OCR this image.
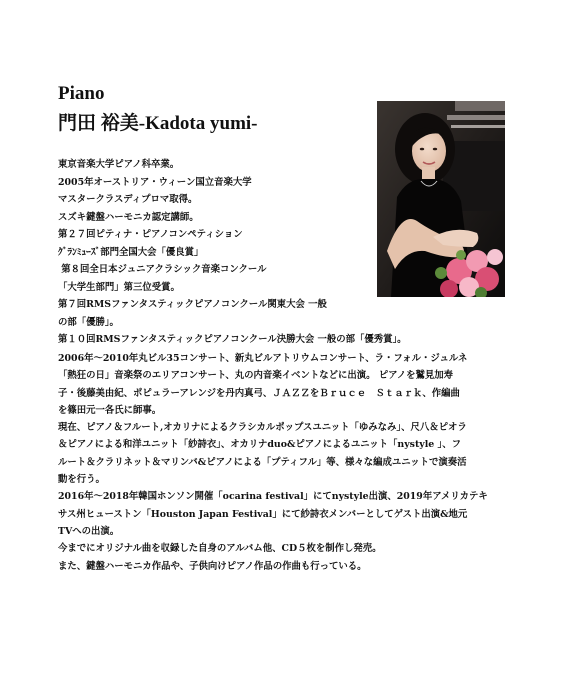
Piano
門田 裕美-Kadota yumi-
東京音楽大学ピアノ科卒業。
2005年オーストリア・ウィーン国立音楽大学
マスタークラスディプロマ取得。
スズキ鍵盤ハーモニカ認定講師。
第２７回ピティナ・ピアノコンペティション
ｸﾞﾗﾝﾐｭｰｽﾞ部門全国大会「優良賞」
第８回全日本ジュニアクラシック音楽コンクール
「大学生部門」第三位受賞。
第７回RMSファンタスティックピアノコンクール関東大会 一般
の部「優勝」。
第１０回RMSファンタスティックピアノコンクール決勝大会 一般の部「優秀賞」。
2006年～2010年丸ビル35コンサート、新丸ビルアトリウムコンサート、ラ・フォル・ジュルネ
「熱狂の日」音楽祭のエリアコンサート、丸の内音楽イベントなどに出演。 ピアノを鷲見加寿
子・後藤美由紀、ポピュラーアレンジを丹内真弓、ＪＡＺＺをＢｒｕｃｅ　Ｓｔａｒｋ、作編曲
を篠田元一各氏に師事。
現在、ピアノ＆フルート,オカリナによるクラシカルポップスユニット「ゆみなみ」、尺八＆ピオラ
＆ピアノによる和洋ユニット「紗詩衣」、オカリナduo&ピアノによるユニット「nystyle 」、フ
ルート＆クラリネット＆マリンバ&ピアノによる「プティフル」等、様々な編成ユニットで演奏活
動を行う。
2016年～2018年韓国ホンソン開催「ocarina festival」にてnystyle出演、2019年アメリカテキ
サス州ヒューストン「Houston Japan Festival」にて紗詩衣メンバーとしてゲスト出演&地元
TVへの出演。
今までにオリジナル曲を収録した自身のアルバム他、CD５枚を制作し発売。
また、鍵盤ハーモニカ作品や、子供向けピアノ作品の作曲も行っている。
